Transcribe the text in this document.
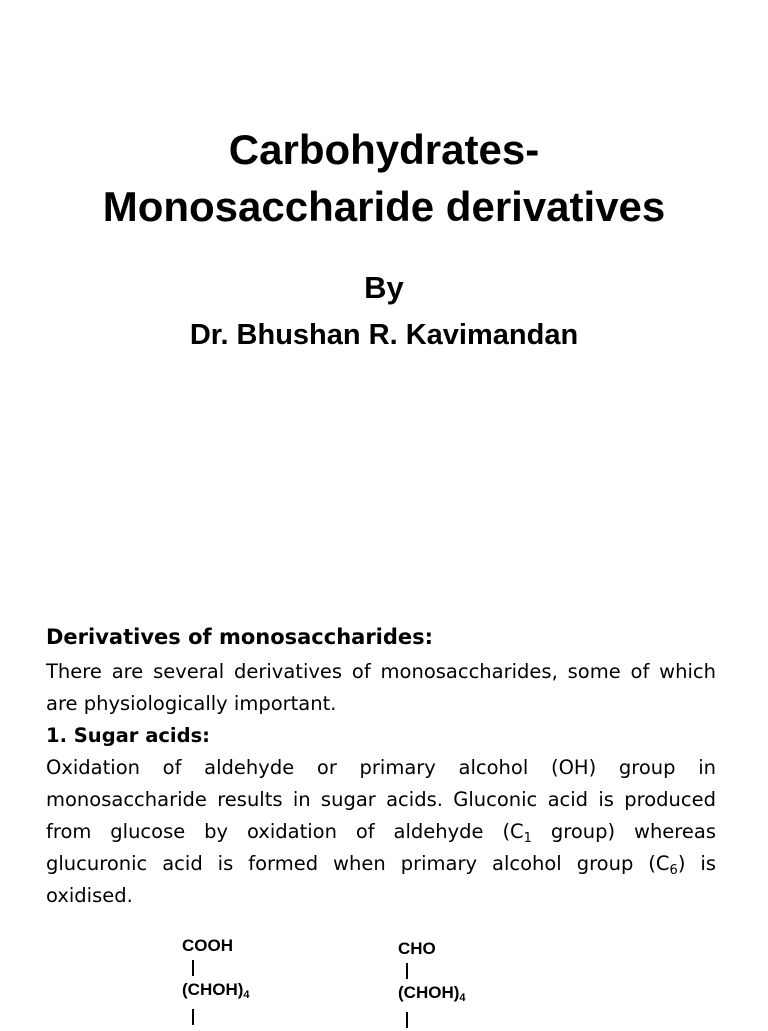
Carbohydrates-
Monosaccharide derivatives
By
Dr. Bhushan R. Kavimandan
Derivatives of monosaccharides:
There are several derivatives of monosaccharides, some of which are physiologically important.
1. Sugar acids:
Oxidation of aldehyde or primary alcohol (OH) group in monosaccharide results in sugar acids. Gluconic acid is produced from glucose by oxidation of aldehyde ($C_1$ group) whereas glucuronic acid is formed when primary alcohol group $(C_6)$ is oxidised.
COOH
(CHOH)4
CHO
(CHOH)4
